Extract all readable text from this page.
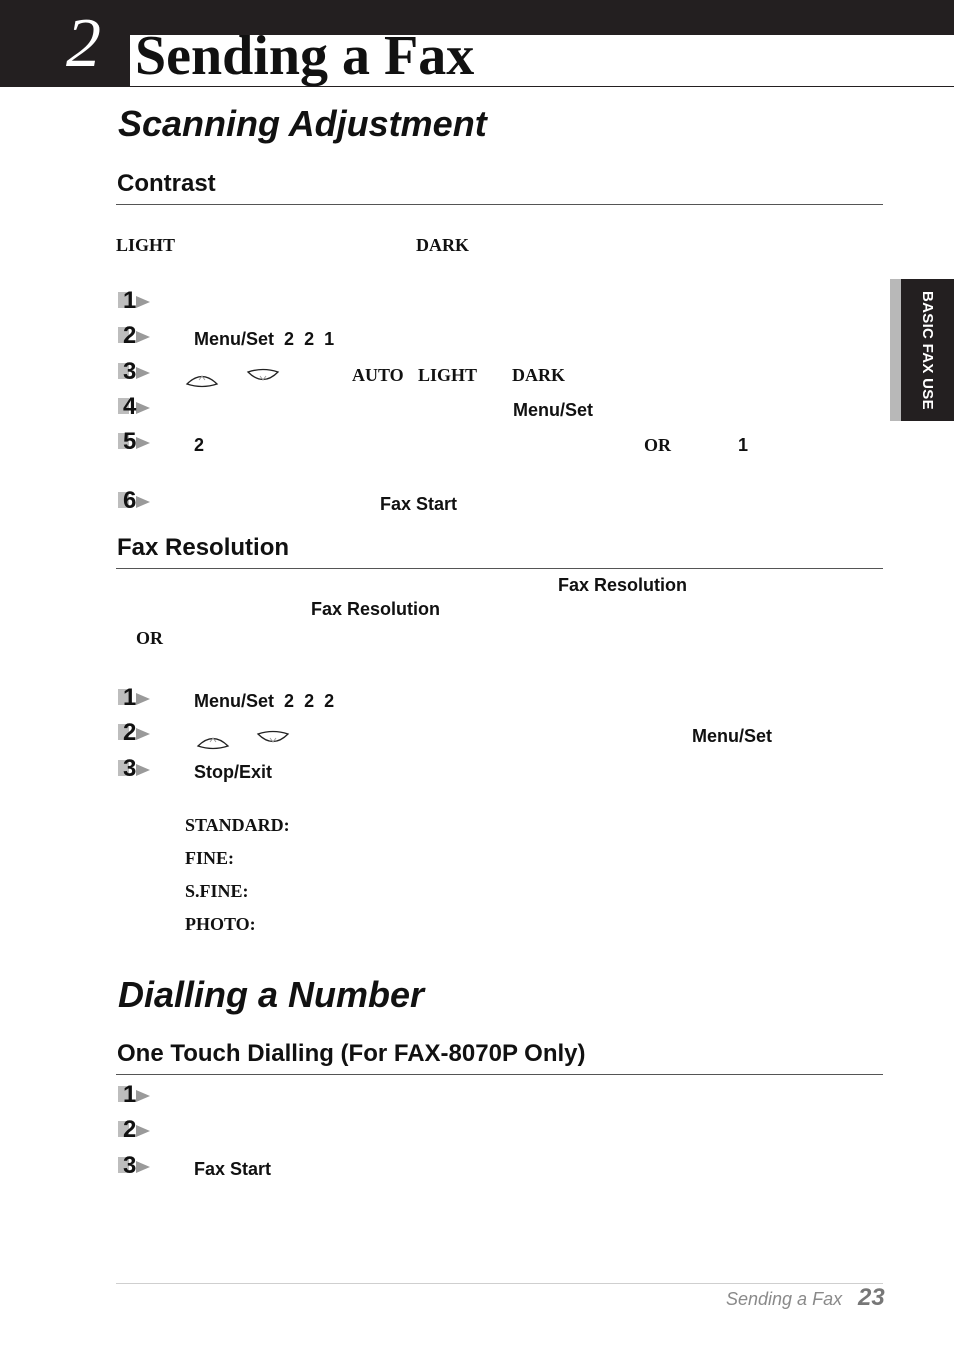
2 Sending a Fax
BASIC FAX USE
Scanning Adjustment
Contrast
LIGHT	DARK
1
2	Menu/Set 2 2 1
3	AUTO LIGHT DARK
4	Menu/Set
5	2	OR	1
6	Fax Start
Fax Resolution
Fax Resolution
Fax Resolution
OR
1	Menu/Set 2 2 2
2	Menu/Set
3	Stop/Exit
STANDARD:
FINE:
S.FINE:
PHOTO:
Dialling a Number
One Touch Dialling (For FAX-8070P Only)
1
2
3	Fax Start
Sending a Fax 23
